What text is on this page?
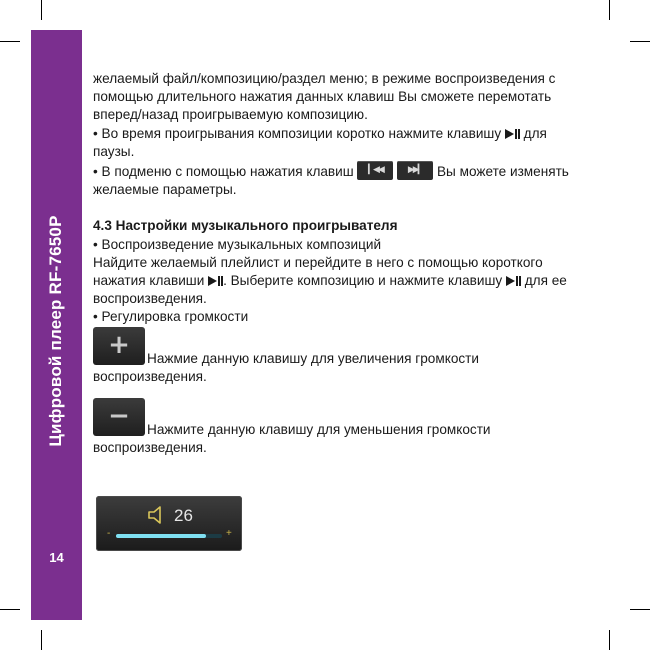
Цифровой плеер RF-7650P
14

желаемый файл/композицию/раздел меню; в режиме воспроизведения с помощью длительного нажатия данных клавиш Вы сможете перемотать вперед/назад проигрываемую композицию.

• Во время проигрывания композиции коротко нажмите клавишу  для паузы.

• В подменю с помощью нажатия клавиш	▎◀◀
	▶▶▎ Вы можете изменять желаемые параметры.

4.3 Настройки музыкального проигрывателя

• Воспроизведение музыкальных композиций

Найдите желаемый плейлист и перейдите в него с помощью короткого нажатия клавиши . Выберите композицию и нажмите клавишу  для ее воспроизведения.

• Регулировка громкости

+	Нажмие данную клавишу для увеличения громкости воспроизведения.

−	Нажмите данную клавишу для уменьшения громкости воспроизведения.

26
-	+
